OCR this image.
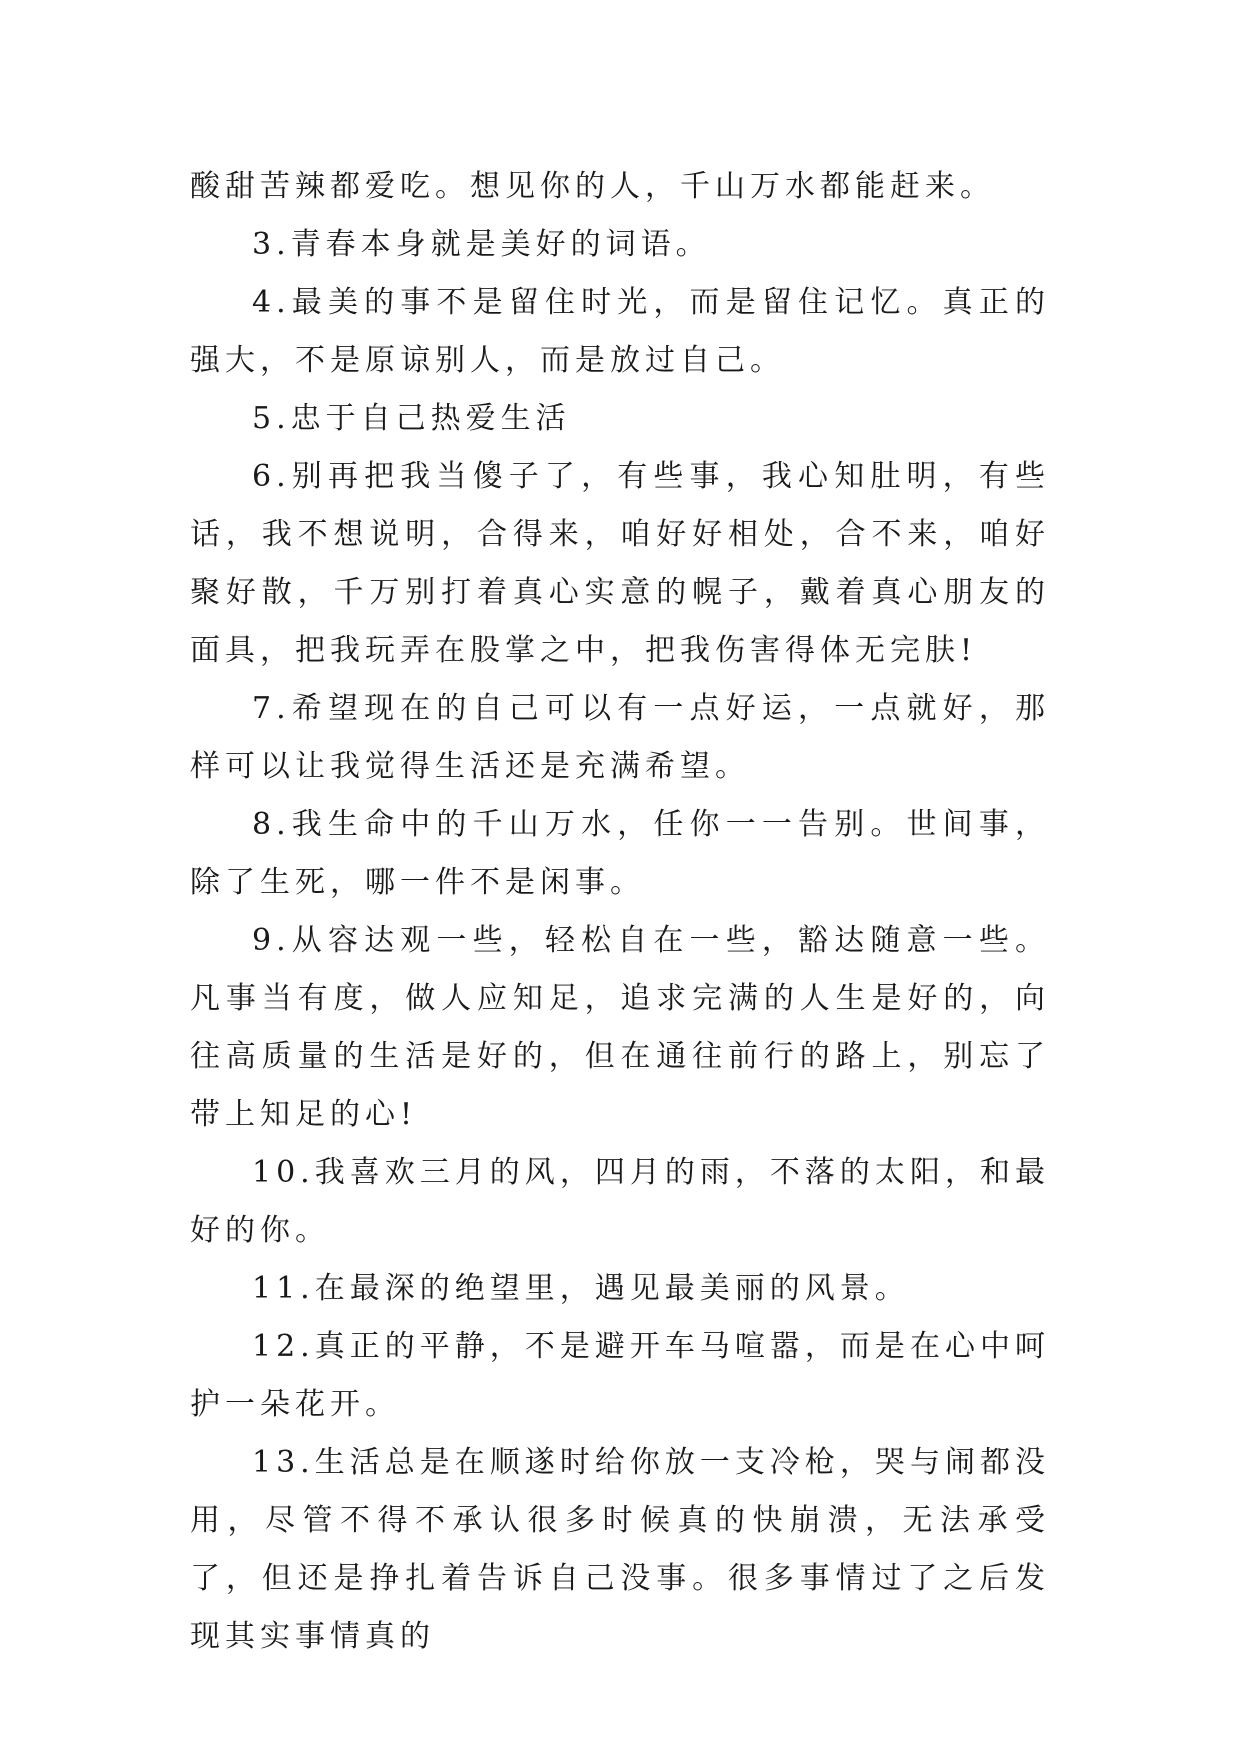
酸甜苦辣都爱吃。想见你的人，千山万水都能赶来。

3.青春本身就是美好的词语。

4.最美的事不是留住时光，而是留住记忆。真正的强大，不是原谅别人，而是放过自己。

5.忠于自己热爱生活

6.别再把我当傻子了，有些事，我心知肚明，有些话，我不想说明，合得来，咱好好相处，合不来，咱好聚好散，千万别打着真心实意的幌子，戴着真心朋友的面具，把我玩弄在股掌之中，把我伤害得体无完肤!

7.希望现在的自己可以有一点好运，一点就好，那样可以让我觉得生活还是充满希望。

8.我生命中的千山万水，任你一一告别。世间事，除了生死，哪一件不是闲事。

9.从容达观一些，轻松自在一些，豁达随意一些。凡事当有度，做人应知足，追求完满的人生是好的，向往高质量的生活是好的，但在通往前行的路上，别忘了带上知足的心!

10.我喜欢三月的风，四月的雨，不落的太阳，和最好的你。

11.在最深的绝望里，遇见最美丽的风景。

12.真正的平静，不是避开车马喧嚣，而是在心中呵护一朵花开。

13.生活总是在顺遂时给你放一支冷枪，哭与闹都没用，尽管不得不承认很多时候真的快崩溃，无法承受了，但还是挣扎着告诉自己没事。很多事情过了之后发现其实事情真的
